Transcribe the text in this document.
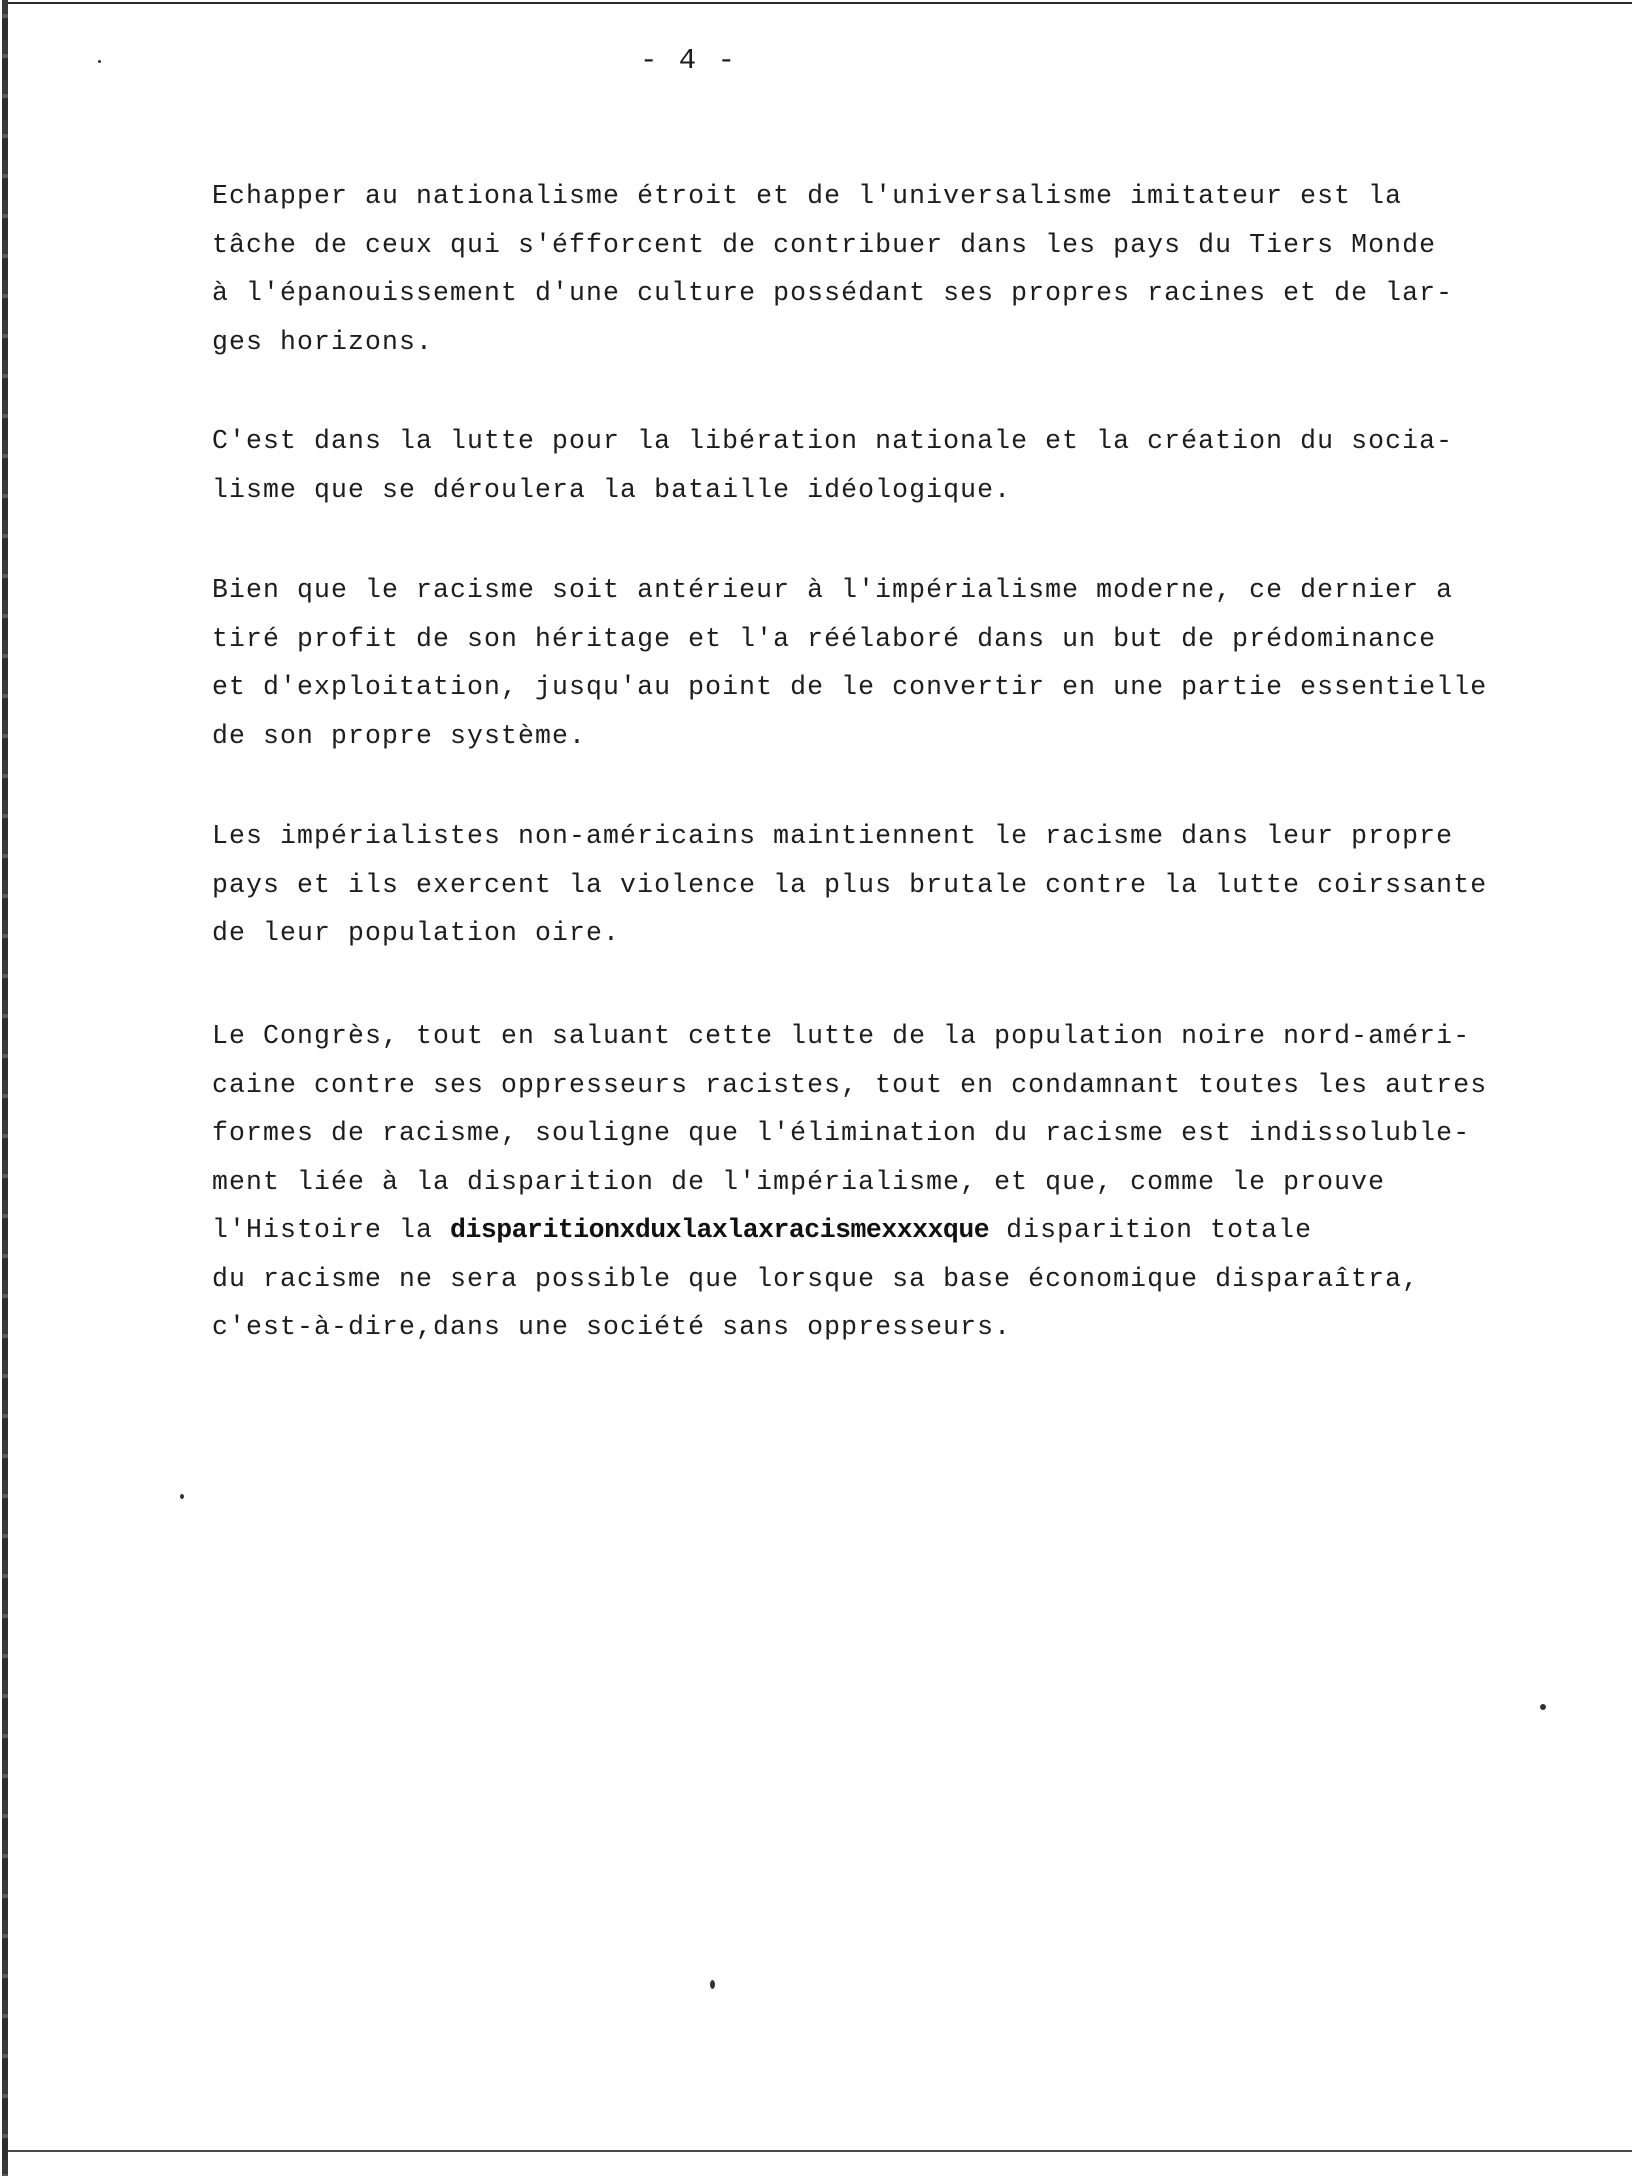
- 4 -
Echapper au nationalisme étroit et de l'universalisme imitateur est la
tâche de ceux qui s'éfforcent de contribuer dans les pays du Tiers Monde
à l'épanouissement d'une culture possédant ses propres racines et de lar-
ges horizons.
C'est dans la lutte pour la libération nationale et la création du socia-
lisme que se déroulera la bataille idéologique.
Bien que le racisme soit antérieur à l'impérialisme moderne, ce dernier a
tiré profit de son héritage et l'a réélaboré dans un but de prédominance
et d'exploitation, jusqu'au point de le convertir en une partie essentielle
de son propre système.
Les impérialistes non-américains maintiennent le racisme dans leur propre
pays et ils exercent la violence la plus brutale contre la lutte coirssante
de leur population oire.
Le Congrès, tout en saluant cette lutte de la population noire nord-améri-
caine contre ses oppresseurs racistes, tout en condamnant toutes les autres
formes de racisme, souligne que l'élimination du racisme est indissoluble-
ment liée à la disparition de l'impérialisme, et que, comme le prouve
l'Histoire la disparitionxduxlaxlaxracismexxxxque disparition totale
du racisme ne sera possible que lorsque sa base économique disparaîtra,
c'est-à-dire,dans une société sans oppresseurs.
